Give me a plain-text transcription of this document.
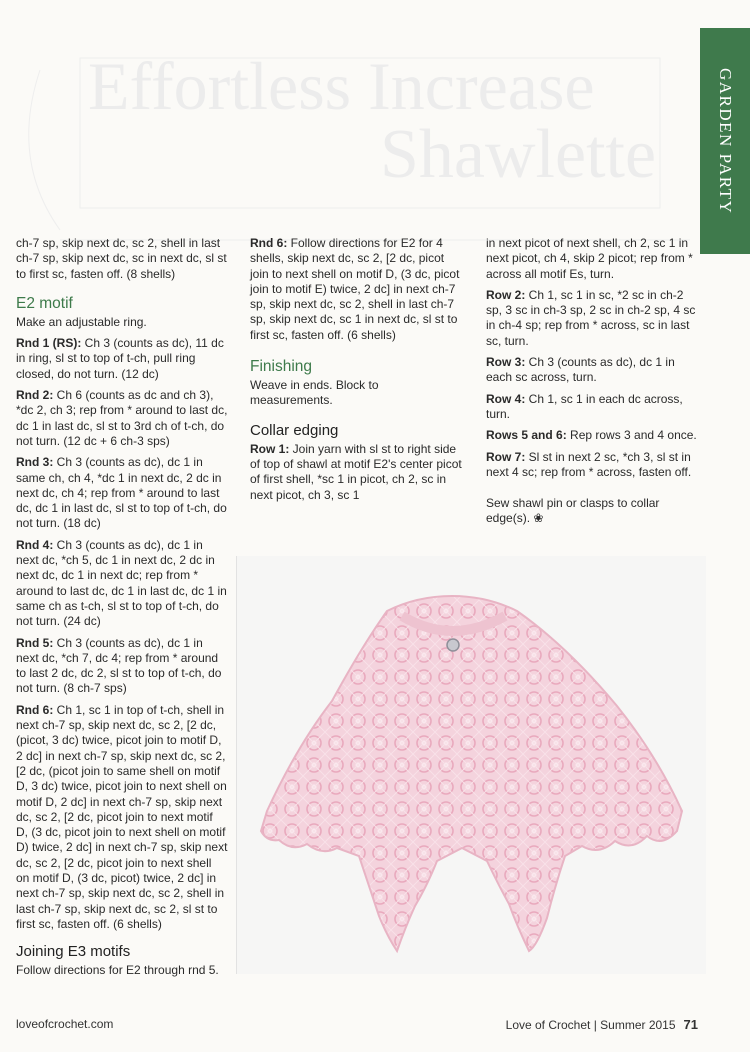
Effortless Increase
Shawlette	GARDEN PARTY

ch-7 sp, skip next dc, sc 2, shell in last ch-7 sp, skip next dc, sc in next dc, sl st to first sc, fasten off. (8 shells)

E2 motif

Make an adjustable ring.

Rnd 1 (RS): Ch 3 (counts as dc), 11 dc in ring, sl st to top of t-ch, pull ring closed, do not turn. (12 dc)

Rnd 2: Ch 6 (counts as dc and ch 3), *dc 2, ch 3; rep from * around to last dc, dc 1 in last dc, sl st to 3rd ch of t-ch, do not turn. (12 dc + 6 ch-3 sps)

Rnd 3: Ch 3 (counts as dc), dc 1 in same ch, ch 4, *dc 1 in next dc, 2 dc in next dc, ch 4; rep from * around to last dc, dc 1 in last dc, sl st to top of t-ch, do not turn. (18 dc)

Rnd 4: Ch 3 (counts as dc), dc 1 in next dc, *ch 5, dc 1 in next dc, 2 dc in next dc, dc 1 in next dc; rep from * around to last dc, dc 1 in last dc, dc 1 in same ch as t-ch, sl st to top of t-ch, do not turn. (24 dc)

Rnd 5: Ch 3 (counts as dc), dc 1 in next dc, *ch 7, dc 4; rep from * around to last 2 dc, dc 2, sl st to top of t-ch, do not turn. (8 ch-7 sps)

Rnd 6: Ch 1, sc 1 in top of t-ch, shell in next ch-7 sp, skip next dc, sc 2, [2 dc, (picot, 3 dc) twice, picot join to motif D, 2 dc] in next ch-7 sp, skip next dc, sc 2, [2 dc, (picot join to same shell on motif D, 3 dc) twice, picot join to next shell on motif D, 2 dc] in next ch-7 sp, skip next dc, sc 2, [2 dc, picot join to next motif D, (3 dc, picot join to next shell on motif D) twice, 2 dc] in next ch-7 sp, skip next dc, sc 2, [2 dc, picot join to next shell on motif D, (3 dc, picot) twice, 2 dc] in next ch-7 sp, skip next dc, sc 2, shell in last ch-7 sp, skip next dc, sc 2, sl st to first sc, fasten off. (6 shells)

Joining E3 motifs

Follow directions for E2 through rnd 5.

Rnd 6: Follow directions for E2 for 4 shells, skip next dc, sc 2, [2 dc, picot join to next shell on motif D, (3 dc, picot join to motif E) twice, 2 dc] in next ch-7 sp, skip next dc, sc 2, shell in last ch-7 sp, skip next dc, sc 1 in next dc, sl st to first sc, fasten off. (6 shells)

Finishing

Weave in ends. Block to measurements.

Collar edging

Row 1: Join yarn with sl st to right side of top of shawl at motif E2's center picot of first shell, *sc 1 in picot, ch 2, sc in next picot, ch 3, sc 1

in next picot of next shell, ch 2, sc 1 in next picot, ch 4, skip 2 picot; rep from * across all motif Es, turn.

Row 2: Ch 1, sc 1 in sc, *2 sc in ch-2 sp, 3 sc in ch-3 sp, 2 sc in ch-2 sp, 4 sc in ch-4 sp; rep from * across, sc in last sc, turn.

Row 3: Ch 3 (counts as dc), dc 1 in each sc across, turn.

Row 4: Ch 1, sc 1 in each dc across, turn.

Rows 5 and 6: Rep rows 3 and 4 once.

Row 7: Sl st in next 2 sc, *ch 3, sl st in next 4 sc; rep from * across, fasten off.

Sew shawl pin or clasps to collar edge(s). ❀

loveofcrochet.com	Love of Crochet | Summer 2015 71
